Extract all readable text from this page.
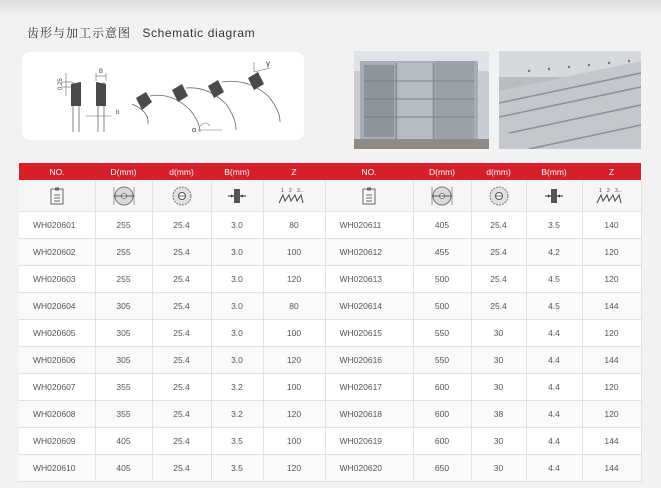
齿形与加工示意图 Schematic diagram
0.25
B
b
γ
α
NO.	D(mm)	d(mm)	B(mm)	Z	NO.	D(mm)	d(mm)	B(mm)	Z

1 2 3...					1 2 3...

WH020601	255	25.4	3.0	80	WH020611	405	25.4	3.5	140
WH020602	255	25.4	3.0	100	WH020612	455	25.4	4.2	120
WH020603	255	25.4	3.0	120	WH020613	500	25.4	4.5	120
WH020604	305	25.4	3.0	80	WH020614	500	25.4	4.5	144
WH020605	305	25.4	3.0	100	WH020615	550	30	4.4	120
WH020606	305	25.4	3.0	120	WH020616	550	30	4.4	144
WH020607	355	25.4	3.2	100	WH020617	600	30	4.4	120
WH020608	355	25.4	3.2	120	WH020618	600	38	4.4	120
WH020609	405	25.4	3.5	100	WH020619	600	30	4.4	144
WH020610	405	25.4	3.5	120	WH020620	650	30	4.4	144
